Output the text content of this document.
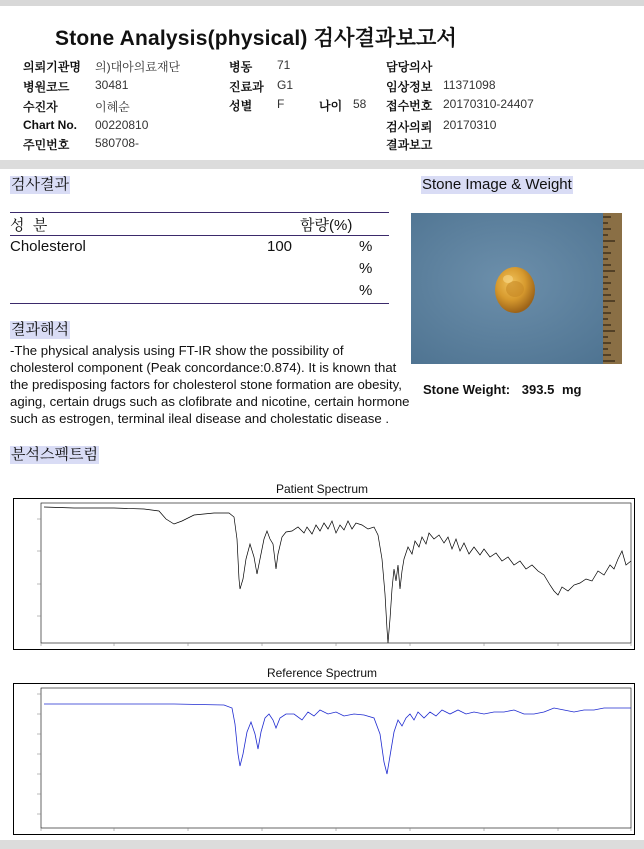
Stone Analysis(physical) 검사결과보고서
의뢰기관명 의)대아의료재단
병원코드 30481
수진자	이혜순
Chart No. 00220810
주민번호 580708-
병동 71
진료과 G1
성별 F	나이 58
담당의사
임상정보 11371098
접수번호 20170310-24407
검사의뢰 20170310
결과보고
검사결과
성  분	함량(%)
Cholesterol	100	%
%
%
Stone Image & Weight
Stone Weight: 393.5 mg
결과해석
-The physical analysis using FT-IR show the possibility of cholesterol component (Peak concordance:0.874). It is known that the predisposing factors for cholesterol stone formation are obesity, aging, certain drugs such as clofibrate and nicotine, certain hormone such as estrogen, terminal ileal disease and cholestatic disease .
분석스펙트럼
Patient Spectrum
Reference Spectrum
